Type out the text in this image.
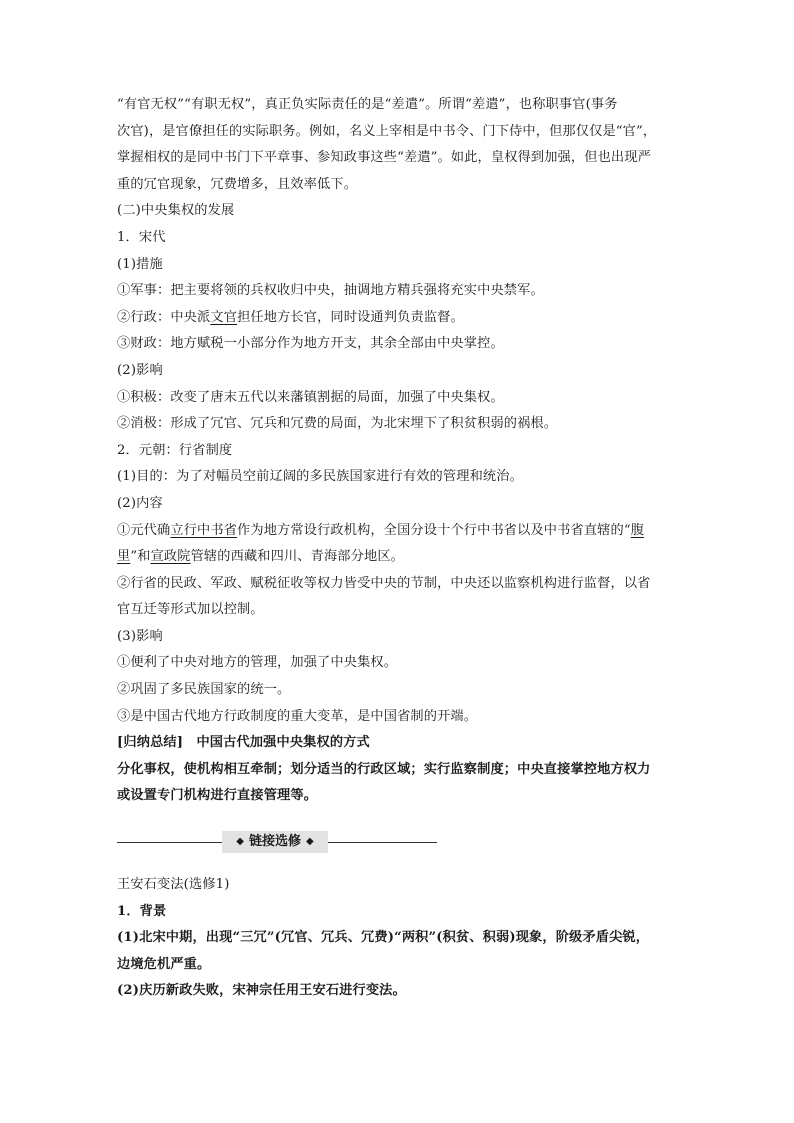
“有官无权”“有职无权”，真正负实际责任的是“差遣”。所谓“差遣”，也称职事官(事务
次官)，是官僚担任的实际职务。例如，名义上宰相是中书令、门下侍中，但那仅仅是“官”，
掌握相权的是同中书门下平章事、参知政事这些“差遣”。如此，皇权得到加强，但也出现严
重的冗官现象，冗费增多，且效率低下。
(二)中央集权的发展
1．宋代
(1)措施
①军事：把主要将领的兵权收归中央，抽调地方精兵强将充实中央禁军。
②行政：中央派文官担任地方长官，同时设通判负责监督。
③财政：地方赋税一小部分作为地方开支，其余全部由中央掌控。
(2)影响
①积极：改变了唐末五代以来藩镇割据的局面，加强了中央集权。
②消极：形成了冗官、冗兵和冗费的局面，为北宋埋下了积贫积弱的祸根。
2．元朝：行省制度
(1)目的：为了对幅员空前辽阔的多民族国家进行有效的管理和统治。
(2)内容
①元代确立行中书省作为地方常设行政机构，全国分设十个行中书省以及中书省直辖的“腹
里”和宣政院管辖的西藏和四川、青海部分地区。
②行省的民政、军政、赋税征收等权力皆受中央的节制，中央还以监察机构进行监督，以省
官互迁等形式加以控制。
(3)影响
①便利了中央对地方的管理，加强了中央集权。
②巩固了多民族国家的统一。
③是中国古代地方行政制度的重大变革，是中国省制的开端。
[归纳总结]　中国古代加强中央集权的方式
分化事权，使机构相互牵制；划分适当的行政区域；实行监察制度；中央直接掌控地方权力
或设置专门机构进行直接管理等。
◆ 链接选修 ◆
王安石变法(选修1)
1．背景
(1)北宋中期，出现“三冗”(冗官、冗兵、冗费)“两积”(积贫、积弱)现象，阶级矛盾尖锐，
边境危机严重。
(2)庆历新政失败，宋神宗任用王安石进行变法。
